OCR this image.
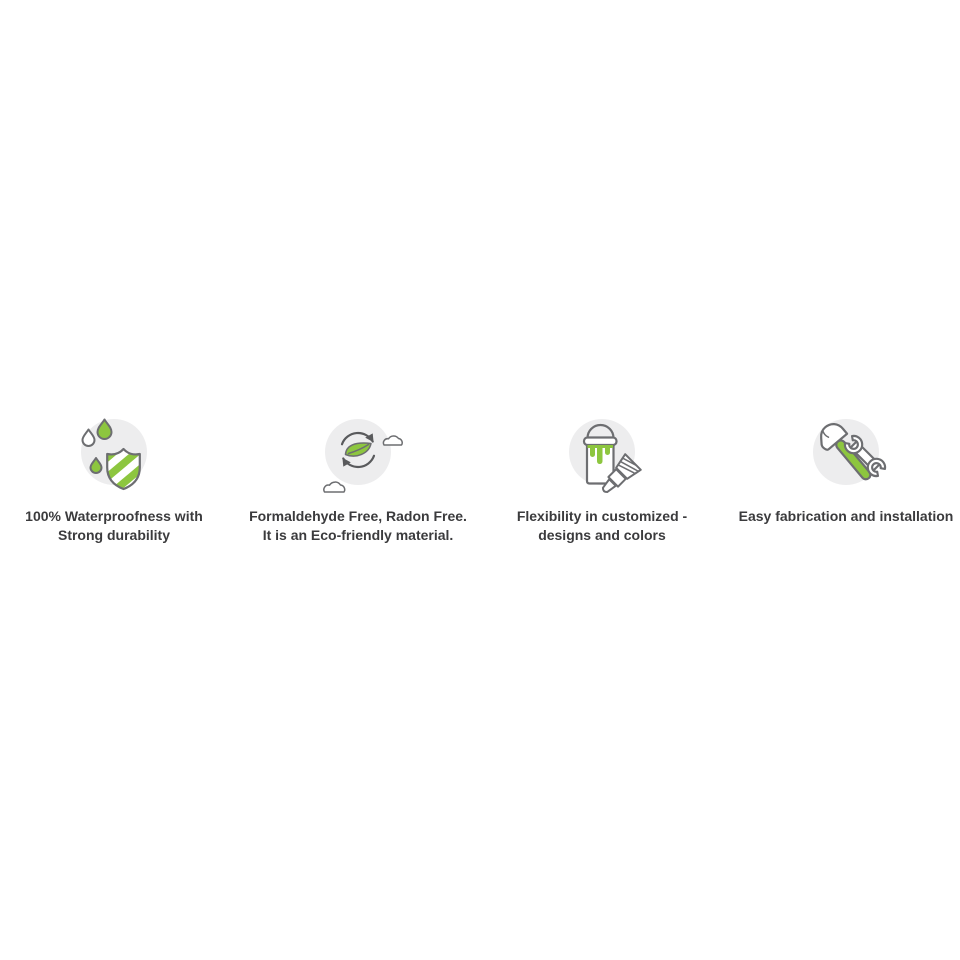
100% Waterproofness with
Strong durability

Formaldehyde Free, Radon Free.
It is an Eco-friendly material.

Flexibility in customized -
designs and colors

Easy fabrication and installation
